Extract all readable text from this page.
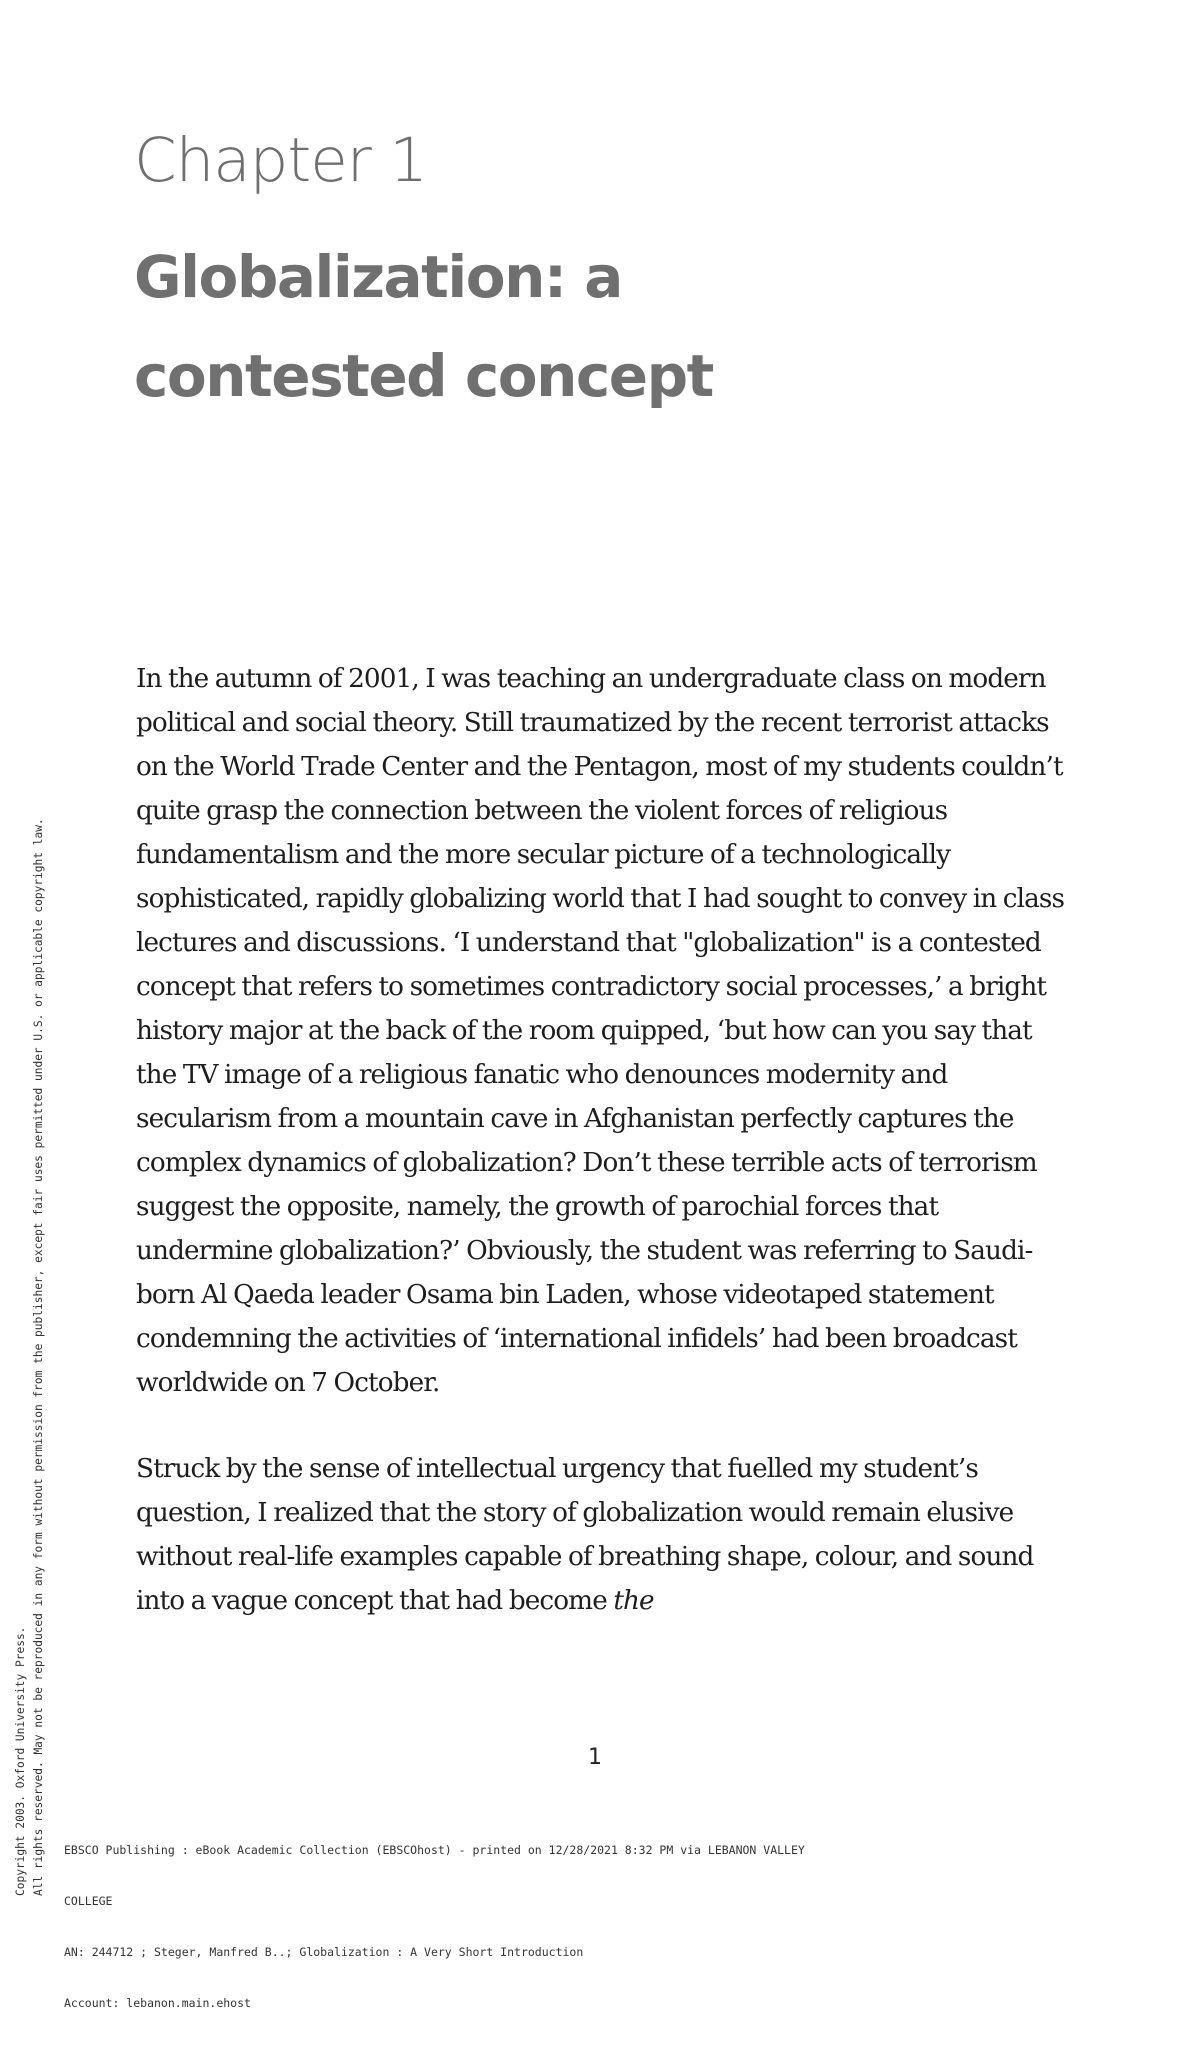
Chapter 1
Globalization: a
contested concept

In the autumn of 2001, I was teaching an undergraduate class on modern political and social theory. Still traumatized by the recent terrorist attacks on the World Trade Center and the Pentagon, most of my students couldn’t quite grasp the connection between the violent forces of religious fundamentalism and the more secular picture of a technologically sophisticated, rapidly globalizing world that I had sought to convey in class lectures and discussions. ‘I understand that "globalization" is a contested concept that refers to sometimes contradictory social processes,’ a bright history major at the back of the room quipped, ‘but how can you say that the TV image of a religious fanatic who denounces modernity and secularism from a mountain cave in Afghanistan perfectly captures the complex dynamics of globalization? Don’t these terrible acts of terrorism suggest the opposite, namely, the growth of parochial forces that undermine globalization?’ Obviously, the student was referring to Saudi-born Al Qaeda leader Osama bin Laden, whose videotaped statement condemning the activities of ‘international infidels’ had been broadcast worldwide on 7 October.

Struck by the sense of intellectual urgency that fuelled my student’s question, I realized that the story of globalization would remain elusive without real-life examples capable of breathing shape, colour, and sound into a vague concept that had become the

1
Copyright 2003. Oxford University Press. All rights reserved. May not be reproduced in any form without permission from the publisher, except fair uses permitted under U.S. or applicable copyright law.

EBSCO Publishing : eBook Academic Collection (EBSCOhost) - printed on 12/28/2021 8:32 PM via LEBANON VALLEY

COLLEGE

AN: 244712 ; Steger, Manfred B..; Globalization : A Very Short Introduction

Account: lebanon.main.ehost
